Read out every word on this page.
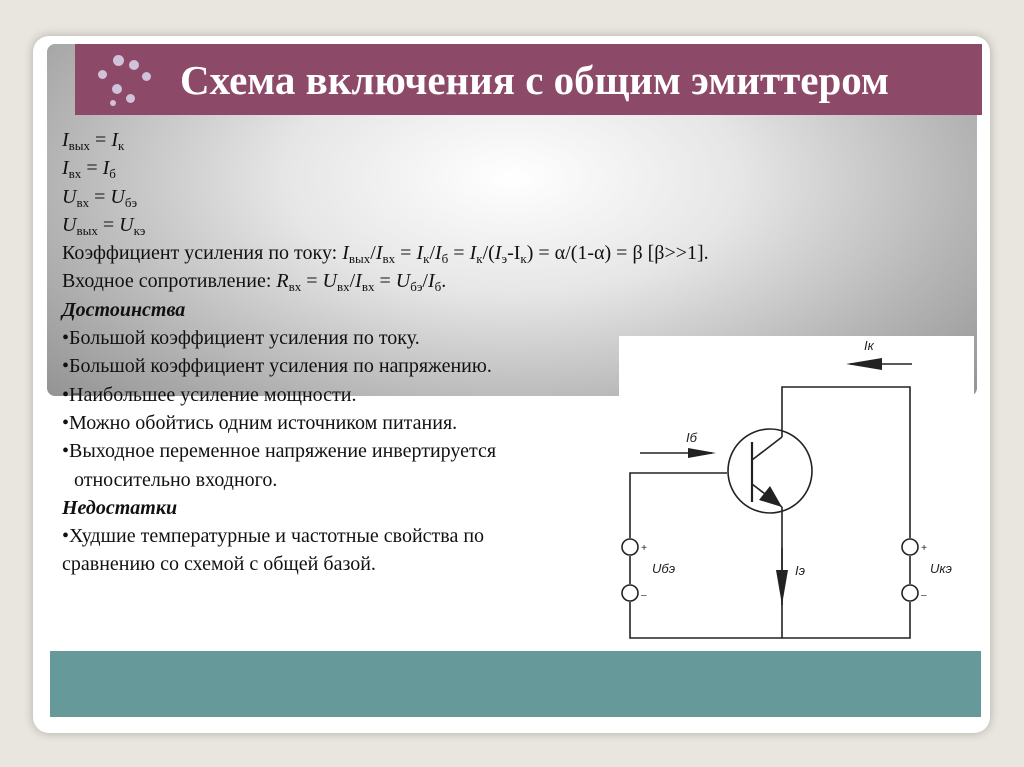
Схема включения с общим эмиттером
$I_{вых} = I_к$
$I_{вх} = I_б$
$U_{вх} = U_{бэ}$
$U_{вых} = U_{кэ}$
Коэффициент усиления по току: $I_{вых}/I_{вх} = I_к/I_б = I_к/(I_э-I_к) = \alpha/(1-\alpha) = \beta$ [β>>1].
Входное сопротивление: $R_{вх} = U_{вх}/I_{вх} = U_{бэ}/I_б$.
Достоинства
•Большой коэффициент усиления по току.
•Большой коэффициент усиления по напряжению.
•Наибольшее усиление мощности.
•Можно обойтись одним источником питания.
•Выходное переменное напряжение инвертируется
относительно входного.
Недостатки
•Худшие температурные и частотные свойства по
сравнению со схемой с общей базой.
Iк
Iб
Iэ
Uбэ	Uкэ
+
–
+
–
